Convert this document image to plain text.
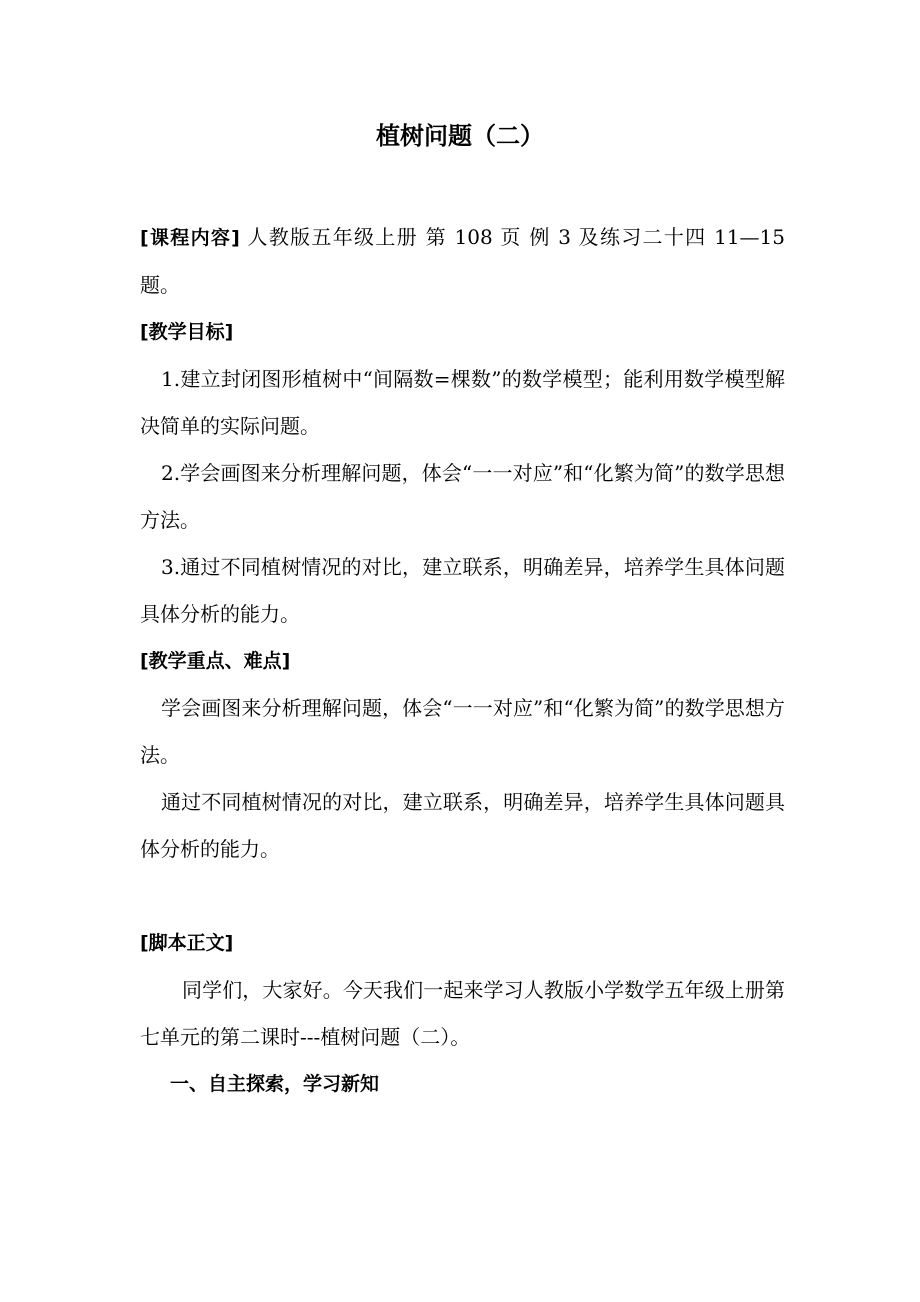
植树问题（二）

[课程内容] 人教版五年级上册 第 108 页 例 3 及练习二十四 11—15 题。

[教学目标]

1.建立封闭图形植树中“间隔数=棵数”的数学模型；能利用数学模型解决简单的实际问题。

2.学会画图来分析理解问题，体会“一一对应”和“化繁为简”的数学思想方法。

3.通过不同植树情况的对比，建立联系，明确差异，培养学生具体问题具体分析的能力。

[教学重点、难点]

学会画图来分析理解问题，体会“一一对应”和“化繁为简”的数学思想方法。

通过不同植树情况的对比，建立联系，明确差异，培养学生具体问题具体分析的能力。

[脚本正文]

同学们，大家好。今天我们一起来学习人教版小学数学五年级上册第七单元的第二课时---植树问题（二）。

一、自主探索，学习新知
